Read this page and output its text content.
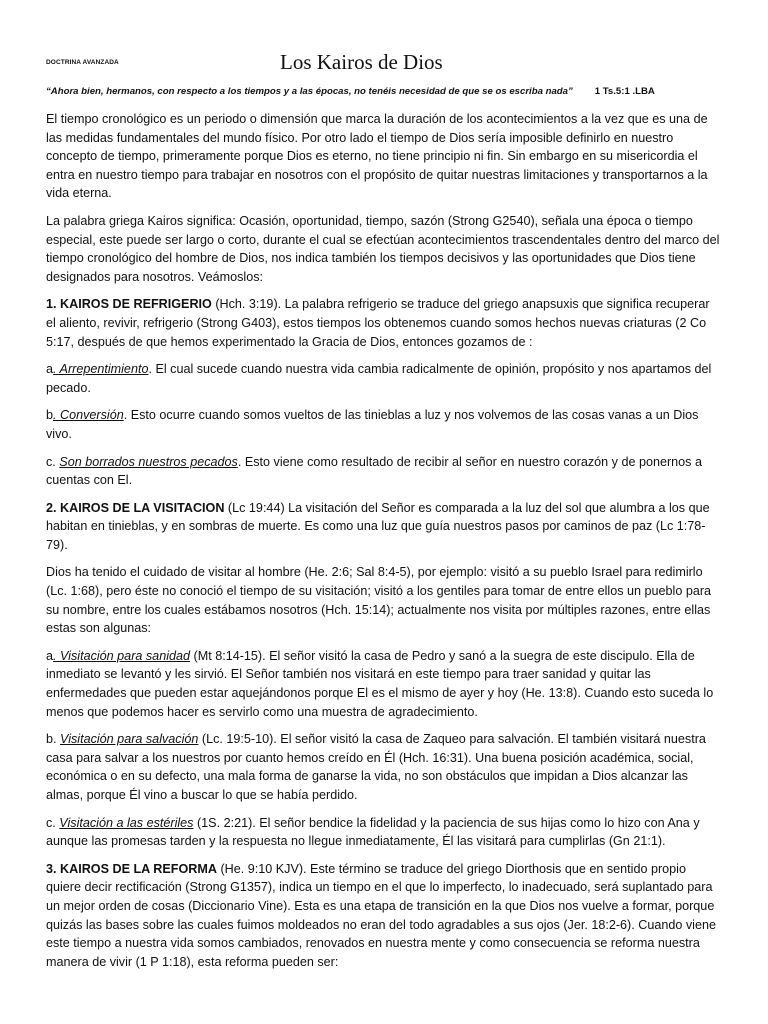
DOCTRINA AVANZADA	Los Kairos de Dios
“Ahora bien, hermanos, con respecto a los tiempos y a las épocas, no tenéis necesidad de que se os escriba nada” 1 Ts.5:1 .LBA

El tiempo cronológico es un periodo o dimensión que marca la duración de los acontecimientos a la vez que es una de las medidas fundamentales del mundo físico. Por otro lado el tiempo de Dios sería imposible definirlo en nuestro concepto de tiempo, primeramente porque Dios es eterno, no tiene principio ni fin. Sin embargo en su misericordia el entra en nuestro tiempo para trabajar en nosotros con el propósito de quitar nuestras limitaciones y transportarnos a la vida eterna.

La palabra griega Kairos significa: Ocasión, oportunidad, tiempo, sazón (Strong G2540), señala una época o tiempo especial, este puede ser largo o corto, durante el cual se efectúan acontecimientos trascendentales dentro del marco del tiempo cronológico del hombre de Dios, nos indica también los tiempos decisivos y las oportunidades que Dios tiene designados para nosotros. Veámoslos:

1. KAIROS DE REFRIGERIO (Hch. 3:19). La palabra refrigerio se traduce del griego anapsuxis que significa recuperar el aliento, revivir, refrigerio (Strong G403), estos tiempos los obtenemos cuando somos hechos nuevas criaturas (2 Co 5:17, después de que hemos experimentado la Gracia de Dios, entonces gozamos de :

a. Arrepentimiento. El cual sucede cuando nuestra vida cambia radicalmente de opinión, propósito y nos apartamos del pecado.

b. Conversión. Esto ocurre cuando somos vueltos de las tinieblas a luz y nos volvemos de las cosas vanas a un Dios vivo.

c. Son borrados nuestros pecados. Esto viene como resultado de recibir al señor en nuestro corazón y de ponernos a cuentas con El.

2. KAIROS DE LA VISITACION (Lc 19:44) La visitación del Señor es comparada a la luz del sol que alumbra a los que habitan en tinieblas, y en sombras de muerte. Es como una luz que guía nuestros pasos por caminos de paz (Lc 1:78-79).

Dios ha tenido el cuidado de visitar al hombre (He. 2:6; Sal 8:4-5), por ejemplo: visitó a su pueblo Israel para redimirlo (Lc. 1:68), pero éste no conoció el tiempo de su visitación; visitó a los gentiles para tomar de entre ellos un pueblo para su nombre, entre los cuales estábamos nosotros (Hch. 15:14); actualmente nos visita por múltiples razones, entre ellas estas son algunas:

a. Visitación para sanidad (Mt 8:14-15). El señor visitó la casa de Pedro y sanó a la suegra de este discipulo. Ella de inmediato se levantó y les sirvió. El Señor también nos visitará en este tiempo para traer sanidad y quitar las enfermedades que pueden estar aquejándonos porque El es el mismo de ayer y hoy (He. 13:8). Cuando esto suceda lo menos que podemos hacer es servirlo como una muestra de agradecimiento.

b. Visitación para salvación (Lc. 19:5-10). El señor visitó la casa de Zaqueo para salvación. El también visitará nuestra casa para salvar a los nuestros por cuanto hemos creído en Él (Hch. 16:31). Una buena posición académica, social, económica o en su defecto, una mala forma de ganarse la vida, no son obstáculos que impidan a Dios alcanzar las almas, porque Él vino a buscar lo que se había perdido.

c. Visitación a las estériles (1S. 2:21). El señor bendice la fidelidad y la paciencia de sus hijas como lo hizo con Ana y aunque las promesas tarden y la respuesta no llegue inmediatamente, Él las visitará para cumplirlas (Gn 21:1).

3. KAIROS DE LA REFORMA (He. 9:10 KJV). Este término se traduce del griego Diorthosis que en sentido propio quiere decir rectificación (Strong G1357), indica un tiempo en el que lo imperfecto, lo inadecuado, será suplantado para un mejor orden de cosas (Diccionario Vine). Esta es una etapa de transición en la que Dios nos vuelve a formar, porque quizás las bases sobre las cuales fuimos moldeados no eran del todo agradables a sus ojos (Jer. 18:2-6). Cuando viene este tiempo a nuestra vida somos cambiados, renovados en nuestra mente y como consecuencia se reforma nuestra manera de vivir (1 P 1:18), esta reforma pueden ser:
